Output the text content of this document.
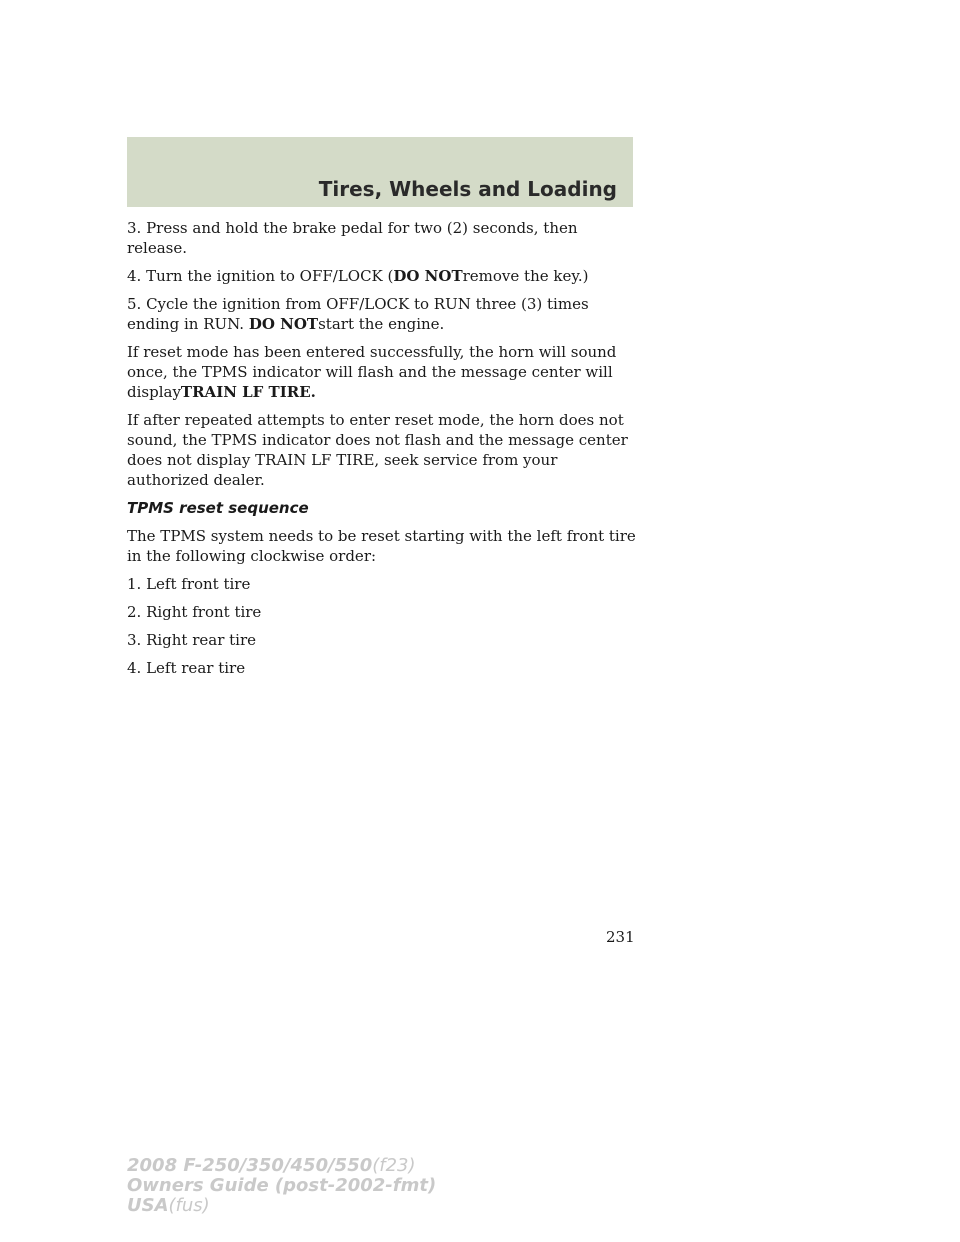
Tires, Wheels and Loading

3. Press and hold the brake pedal for two (2) seconds, then release.

4. Turn the ignition to OFF/LOCK (DO NOTremove the key.)

5. Cycle the ignition from OFF/LOCK to RUN three (3) times ending in RUN. DO NOTstart the engine.

If reset mode has been entered successfully, the horn will sound once, the TPMS indicator will flash and the message center will displayTRAIN LF TIRE.

If after repeated attempts to enter reset mode, the horn does not sound, the TPMS indicator does not flash and the message center does not display TRAIN LF TIRE, seek service from your authorized dealer.

TPMS reset sequence

The TPMS system needs to be reset starting with the left front tire in the following clockwise order:

1. Left front tire

2. Right front tire

3. Right rear tire

4. Left rear tire

231
2008 F-250/350/450/550(f23)
Owners Guide (post-2002-fmt)
USA(fus)
